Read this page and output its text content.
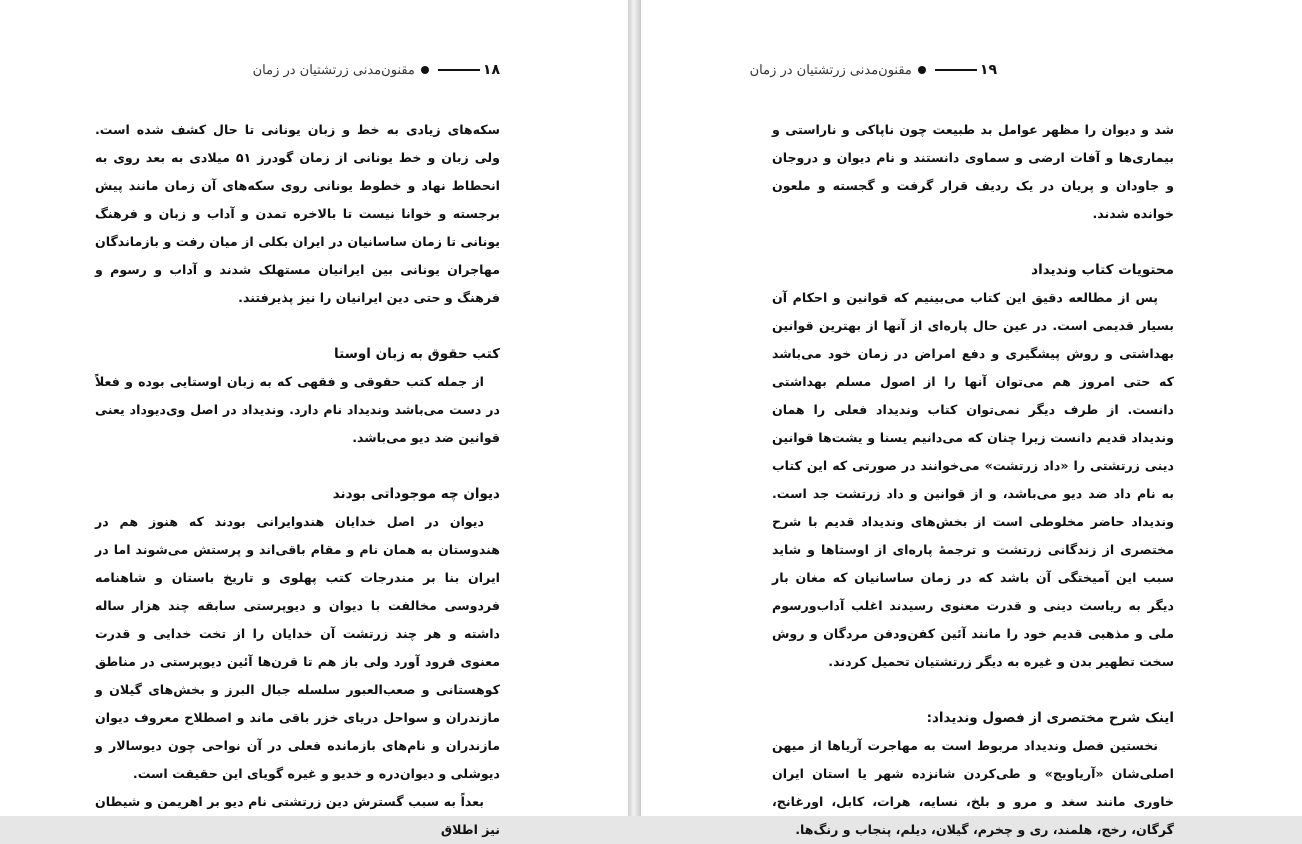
۱۸
مقنون‌مدنی زرتشتیان در زمان

سکه‌های زیادی به خط و زبان یونانی تا حال کشف شده است. ولی زبان و خط یونانی از زمان گودرز ۵۱ میلادی به بعد روی به انحطاط نهاد و خطوط یونانی روی سکه‌های آن زمان مانند پیش برجسته و خوانا نیست تا بالاخره تمدن و آداب و زبان و فرهنگ یونانی تا زمان ساسانیان در ایران بکلی از میان رفت و بازماندگان مهاجران یونانی بین ایرانیان مستهلک شدند و آداب و رسوم و فرهنگ و حتی دین ایرانیان را نیز پذیرفتند.

کتب حقوق به زبان اوستا

از جمله کتب حقوقی و فقهی که به زبان اوستایی بوده و فعلاً در دست می‌باشد وندیداد نام دارد. وندیداد در اصل وی‌دیوداد یعنی قوانین ضد دیو می‌باشد.

دیوان چه موجوداتی بودند

دیوان در اصل خدایان هندوایرانی بودند که هنوز هم در هندوستان به همان نام و مقام باقی‌اند و پرستش می‌شوند اما در ایران بنا بر مندرجات کتب پهلوی و تاریخ باستان و شاهنامه فردوسی مخالفت با دیوان و دیوپرستی سابقه چند هزار ساله داشته و هر چند زرتشت آن خدایان را از تخت خدایی و قدرت معنوی فرود آورد ولی باز هم تا قرن‌ها آئین دیوپرستی در مناطق کوهستانی و صعب‌العبور سلسله جبال البرز و بخش‌های گیلان و مازندران و سواحل دریای خزر باقی ماند و اصطلاح معروف دیوان مازندران و نام‌های بازمانده فعلی در آن نواحی چون دیوسالار و دیوشلی و دیوان‌دره و خدیو و غیره گویای این حقیقت است.

بعداً به سبب گسترش دین زرتشتی نام دیو بر اهریمن و شیطان نیز اطلاق

۱۹
مقنون‌مدنی زرتشتیان در زمان

شد و دیوان را مظهر عوامل بد طبیعت چون ناپاکی و ناراستی و بیماری‌ها و آفات ارضی و سماوی دانستند و نام دیوان و دروجان و جاودان و پریان در یک ردیف قرار گرفت و گجسته و ملعون خوانده شدند.

محتویات کتاب وندیداد

پس از مطالعه دقیق این کتاب می‌بینیم که قوانین و احکام آن بسیار قدیمی است. در عین حال پاره‌ای از آنها از بهترین قوانین بهداشتی و روش پیشگیری و دفع امراض در زمان خود می‌باشد که حتی امروز هم می‌توان آنها را از اصول مسلم بهداشتی دانست. از طرف دیگر نمی‌توان کتاب وندیداد فعلی را همان وندیداد قدیم دانست زیرا چنان که می‌دانیم یسنا و یشت‌ها قوانین دینی زرتشتی را «داد زرتشت» می‌خوانند در صورتی که این کتاب به نام داد ضد دیو می‌باشد، و از قوانین و داد زرتشت جد است. وندیداد حاضر مخلوطی است از بخش‌های وندیداد قدیم با شرح مختصری از زندگانی زرتشت و ترجمهٔ پاره‌ای از اوستاها و شاید سبب این آمیختگی آن باشد که در زمان ساسانیان که مغان بار دیگر به ریاست دینی و قدرت معنوی رسیدند اغلب آداب‌ورسوم ملی و مذهبی قدیم خود را مانند آئین کفن‌ودفن مردگان و روش سخت تطهیر بدن و غیره به دیگر زرتشتیان تحمیل کردند.

اینک شرح مختصری از فصول وندیداد:

نخستین فصل وندیداد مربوط است به مهاجرت آریاها از میهن اصلی‌شان «آریاویج» و طی‌کردن شانزده شهر یا استان ایران خاوری مانند سغد و مرو و بلخ، نسایه، هرات، کابل، اورغانج، گرگان، رخج، هلمند، ری و چخرم، گیلان، دیلم، پنجاب و رنگ‌ها.
